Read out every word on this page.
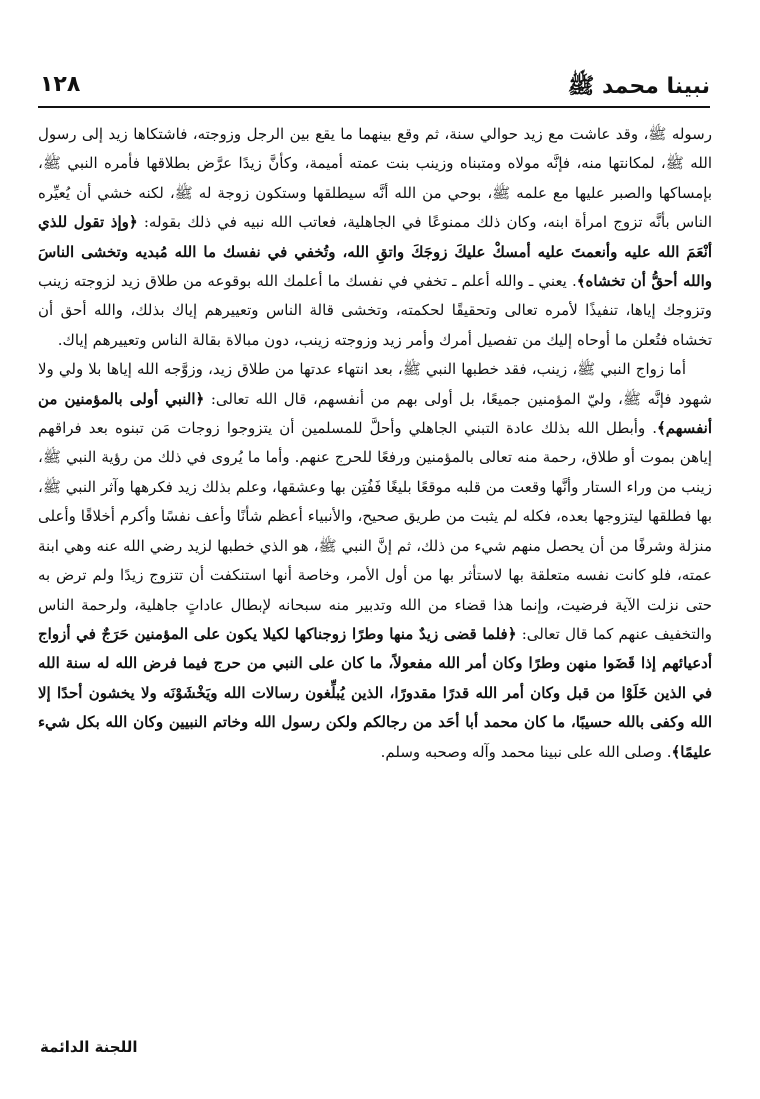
نبينا محمد ﷺ
١٢٨

رسوله ﷺ، وقد عاشت مع زيد حوالي سنة، ثم وقع بينهما ما يقع بين الرجل وزوجته، فاشتكاها زيد إلى رسول الله ﷺ، لمكانتها منه، فإنَّه مولاه ومتبناه وزينب بنت عمته أميمة، وكأنَّ زيدًا عرَّض بطلاقها فأمره النبي ﷺ، بإمساكها والصبر عليها مع علمه ﷺ، بوحي من الله أنَّه سيطلقها وستكون زوجة له ﷺ، لكنه خشي أن يُعيِّره الناس بأنَّه تزوج امرأة ابنه، وكان ذلك ممنوعًا في الجاهلية، فعاتب الله نبيه في ذلك بقوله: ﴿وإذ تقول للذي أنْعَمَ الله عليه وأنعمتَ عليه أمسكْ عليكَ زوجَكَ واتقِ الله، وتُخفي في نفسك ما الله مُبديه وتخشى الناسَ والله أحقُّ أن تخشاه﴾. يعني ـ والله أعلم ـ تخفي في نفسك ما أعلمك الله بوقوعه من طلاق زيد لزوجته زينب وتزوجك إياها، تنفيذًا لأمره تعالى وتحقيقًا لحكمته، وتخشى قالة الناس وتعييرهم إياك بذلك، والله أحق أن تخشاه فتُعلن ما أوحاه إليك من تفصيل أمرك وأمر زيد وزوجته زينب، دون مبالاة بقالة الناس وتعييرهم إياك.

أما زواج النبي ﷺ، زينب، فقد خطبها النبي ﷺ، بعد انتهاء عدتها من طلاق زيد، وزوَّجه الله إياها بلا ولي ولا شهود فإنَّه ﷺ، وليّ المؤمنين جميعًا، بل أولى بهم من أنفسهم، قال الله تعالى: ﴿النبي أولى بالمؤمنين من أنفسهم﴾. وأبطل الله بذلك عادة التبني الجاهلي وأحلَّ للمسلمين أن يتزوجوا زوجات مَن تبنوه بعد فراقهم إياهن بموت أو طلاق، رحمة منه تعالى بالمؤمنين ورفعًا للحرج عنهم. وأما ما يُروى في ذلك من رؤية النبي ﷺ، زينب من وراء الستار وأنَّها وقعت من قلبه موقعًا بليغًا فَفُتِن بها وعشقها، وعلم بذلك زيد فكرهها وآثر النبي ﷺ، بها فطلقها ليتزوجها بعده، فكله لم يثبت من طريق صحيح، والأنبياء أعظم شأنًا وأعف نفسًا وأكرم أخلاقًا وأعلى منزلة وشرفًا من أن يحصل منهم شيء من ذلك، ثم إنَّ النبي ﷺ، هو الذي خطبها لزيد رضي الله عنه وهي ابنة عمته، فلو كانت نفسه متعلقة بها لاستأثر بها من أول الأمر، وخاصة أنها استنكفت أن تتزوج زيدًا ولم ترض به حتى نزلت الآية فرضيت، وإنما هذا قضاء من الله وتدبير منه سبحانه لإبطال عاداتٍ جاهلية، ولرحمة الناس والتخفيف عنهم كما قال تعالى: ﴿فلما قضى زيدٌ منها وطرًا زوجناكها لكيلا يكون على المؤمنين حَرَجٌ في أزواج أدعيائهم إذا قَضَوا منهن وطرًا وكان أمر الله مفعولاً، ما كان على النبي من حرج فيما فرض الله له سنة الله في الذين خَلَوْا من قبل وكان أمر الله قدرًا مقدورًا، الذين يُبلِّغون رسالات الله ويَخْشَوْنَه ولا يخشون أحدًا إلا الله وكفى بالله حسيبًا، ما كان محمد أبا أحَد من رجالكم ولكن رسول الله وخاتم النبيين وكان الله بكل شيء عليمًا﴾. وصلى الله على نبينا محمد وآله وصحبه وسلم.

اللجنة الدائمة
